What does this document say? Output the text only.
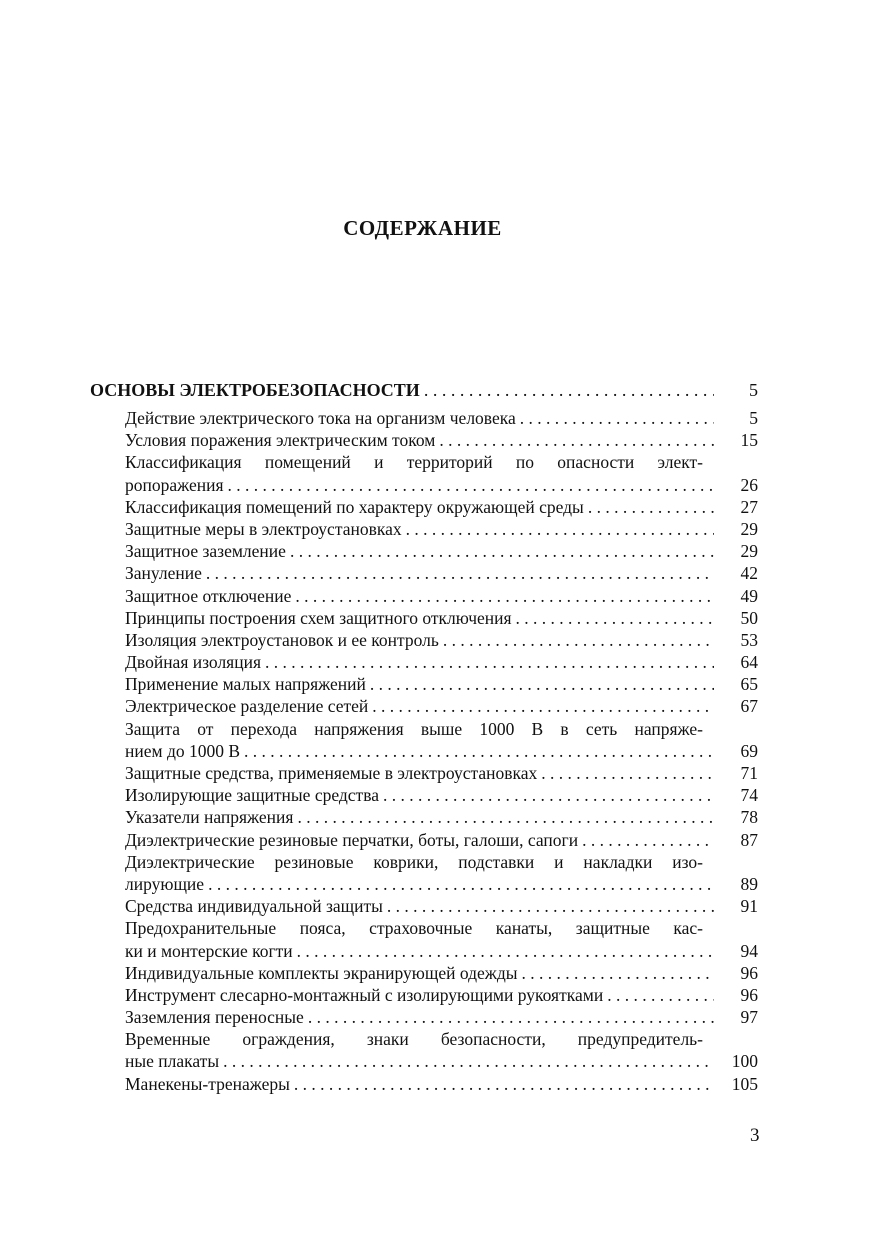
СОДЕРЖАНИЕ
ОСНОВЫ ЭЛЕКТРОБЕЗОПАСНОСТИ . . .	5
Действие электрического тока на организм человека . . .	5
Условия поражения электрическим током . . .	15
Классификация помещений и территорий по опасности элект-
ропоражения . . .	26
Классификация помещений по характеру окружающей среды . . .	27
Защитные меры в электроустановках . . .	29
Защитное заземление . . .	29
Зануление . . .	42
Защитное отключение . . .	49
Принципы построения схем защитного отключения . . .	50
Изоляция электроустановок и ее контроль . . .	53
Двойная изоляция . . .	64
Применение малых напряжений . . .	65
Электрическое разделение сетей . . .	67
Защита от перехода напряжения выше 1000 В в сеть напряже-
нием до 1000 В . . .	69
Защитные средства, применяемые в электроустановках . . .	71
Изолирующие защитные средства . . .	74
Указатели напряжения . . .	78
Диэлектрические резиновые перчатки, боты, галоши, сапоги . . .	87
Диэлектрические резиновые коврики, подставки и накладки изо-
лирующие . . .	89
Средства индивидуальной защиты . . .	91
Предохранительные пояса, страховочные канаты, защитные кас-
ки и монтерские когти . . .	94
Индивидуальные комплекты экранирующей одежды . . .	96
Инструмент слесарно-монтажный с изолирующими рукоятками . . .	96
Заземления переносные . . .	97
Временные ограждения, знаки безопасности, предупредитель-
ные плакаты . . .	100
Манекены-тренажеры . . .	105
3
